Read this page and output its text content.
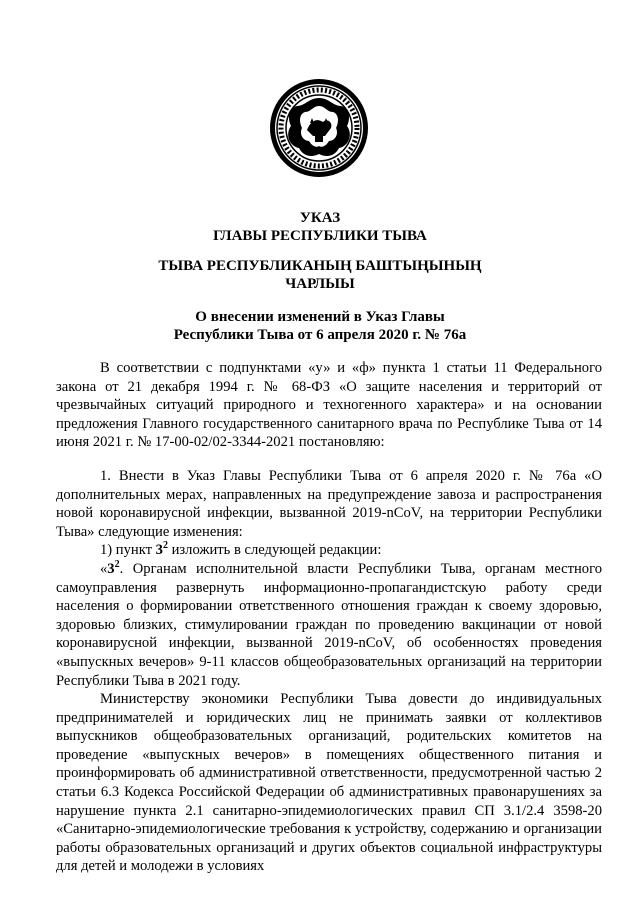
УКАЗ
ГЛАВЫ РЕСПУБЛИКИ ТЫВА
ТЫВА РЕСПУБЛИКАНЫҢ БАШТЫҢЫНЫҢ
ЧАРЛЫЫ
О внесении изменений в Указ Главы
Республики Тыва от 6 апреля 2020 г. № 76а

В соответствии с подпунктами «у» и «ф» пункта 1 статьи 11 Федерального закона от 21 декабря 1994 г. № 68-ФЗ «О защите населения и территорий от чрезвычайных ситуаций природного и техногенного характера» и на основании предложения Главного государственного санитарного врача по Республике Тыва от 14 июня 2021 г. № 17-00-02/02-3344-2021 постановляю:

1. Внести в Указ Главы Республики Тыва от 6 апреля 2020 г. № 76а «О дополнительных мерах, направленных на предупреждение завоза и распространения новой коронавирусной инфекции, вызванной 2019-nCoV, на территории Республики Тыва» следующие изменения:

1) пункт $3^2$ изложить в следующей редакции:

«$3^2$. Органам исполнительной власти Республики Тыва, органам местного самоуправления развернуть информационно-пропагандистскую работу среди населения о формировании ответственного отношения граждан к своему здоровью, здоровью близких, стимулировании граждан по проведению вакцинации от новой коронавирусной инфекции, вызванной 2019-nCoV, об особенностях проведения «выпускных вечеров» 9-11 классов общеобразовательных организаций на территории Республики Тыва в 2021 году.

Министерству экономики Республики Тыва довести до индивидуальных предпринимателей и юридических лиц не принимать заявки от коллективов выпускников общеобразовательных организаций, родительских комитетов на проведение «выпускных вечеров» в помещениях общественного питания и проинформировать об административной ответственности, предусмотренной частью 2 статьи 6.3 Кодекса Российской Федерации об административных правонарушениях за нарушение пункта 2.1 санитарно-эпидемиологических правил СП 3.1/2.4 3598-20 «Санитарно-эпидемиологические требования к устройству, содержанию и организации работы образовательных организаций и других объектов социальной инфраструктуры для детей и молодежи в условиях
